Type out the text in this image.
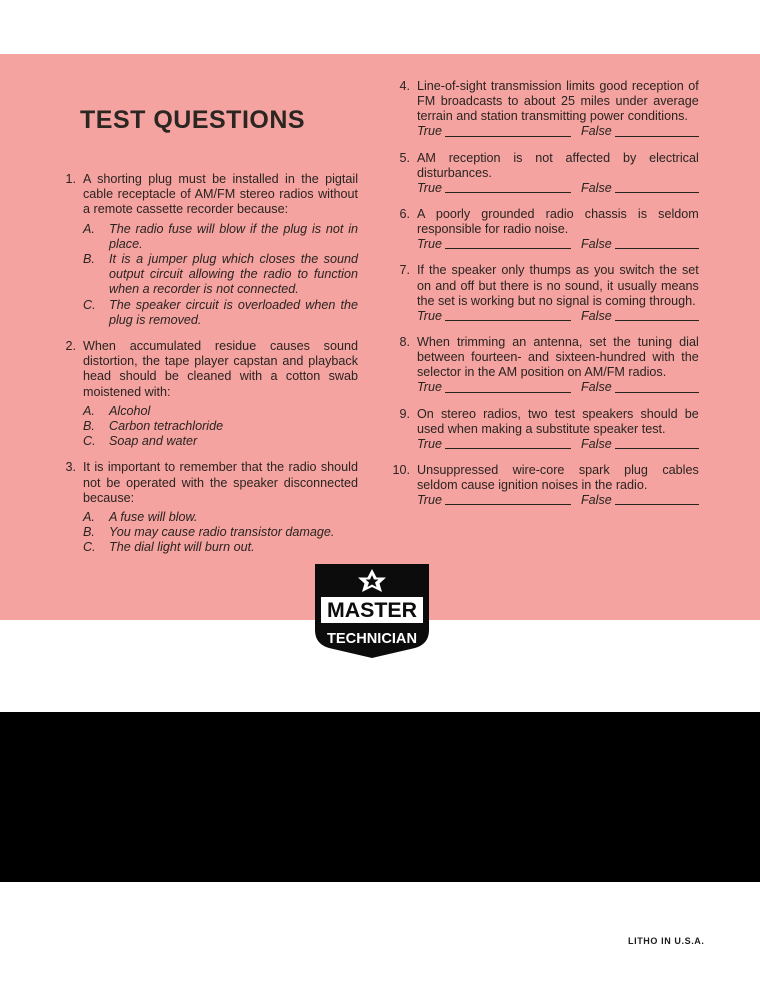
TEST QUESTIONS
1. A shorting plug must be installed in the pigtail cable receptacle of AM/FM stereo radios without a remote cassette recorder because:
A.	The radio fuse will blow if the plug is not in place.
B.	It is a jumper plug which closes the sound output circuit allowing the radio to function when a recorder is not connected.
C.	The speaker circuit is overloaded when the plug is removed.
2. When accumulated residue causes sound distortion, the tape player capstan and playback head should be cleaned with a cotton swab moistened with:
A.	Alcohol
B.	Carbon tetrachloride
C.	Soap and water
3. It is important to remember that the radio should not be operated with the speaker disconnected because:
A.	A fuse will blow.
B.	You may cause radio transistor damage.
C.	The dial light will burn out.
4. Line-of-sight transmission limits good reception of FM broadcasts to about 25 miles under average terrain and station transmitting power conditions.
True	False
5. AM reception is not affected by electrical disturbances.
True	False
6. A poorly grounded radio chassis is seldom responsible for radio noise.
True	False
7. If the speaker only thumps as you switch the set on and off but there is no sound, it usually means the set is working but no signal is coming through.
True	False
8. When trimming an antenna, set the tuning dial between fourteen- and sixteen-hundred with the selector in the AM position on AM/FM radios.
True	False
9. On stereo radios, two test speakers should be used when making a substitute speaker test.
True	False
10. Unsuppressed wire-core spark plug cables seldom cause ignition noises in the radio.
True	False
MASTER
TECHNICIAN
LITHO IN U.S.A.
